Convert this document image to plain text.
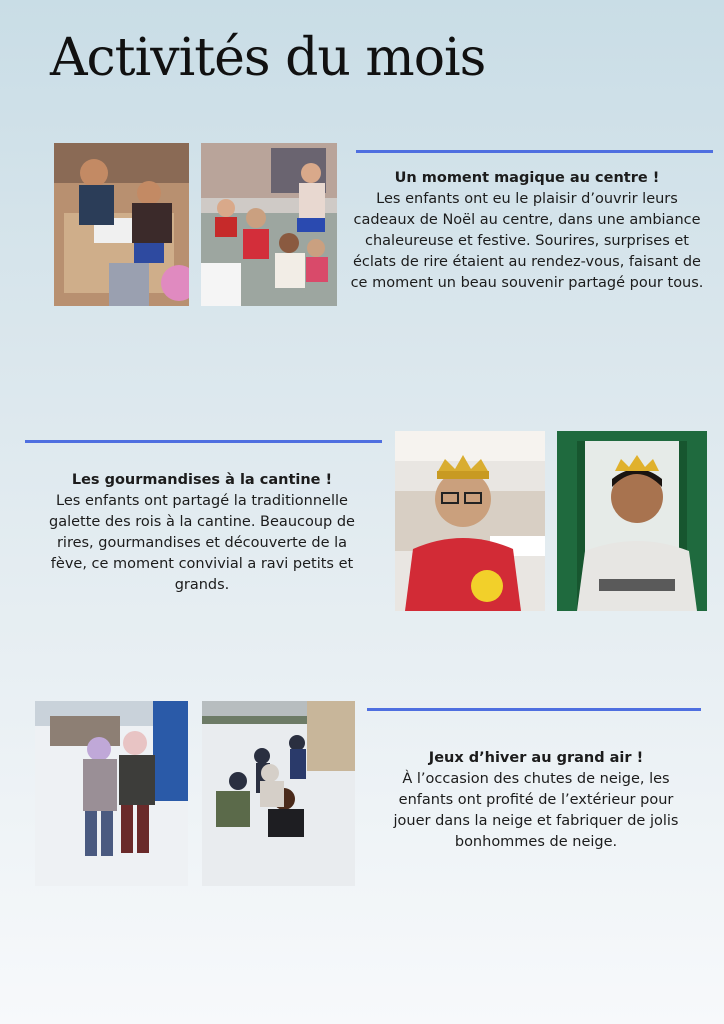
Activités du mois
Un moment magique au centre !
Les enfants ont eu le plaisir d’ouvrir leurs cadeaux de Noël au centre, dans une ambiance chaleureuse et festive. Sourires, surprises et éclats de rire étaient au rendez-vous, faisant de ce moment un beau souvenir partagé pour tous.
Les gourmandises à la cantine !
Les enfants ont partagé la traditionnelle galette des rois à la cantine. Beaucoup de rires, gourmandises et découverte de la fève, ce moment convivial a ravi petits et grands.
Jeux d’hiver au grand air !
À l’occasion des chutes de neige, les enfants ont profité de l’extérieur pour jouer dans la neige et fabriquer de jolis bonhommes de neige.
